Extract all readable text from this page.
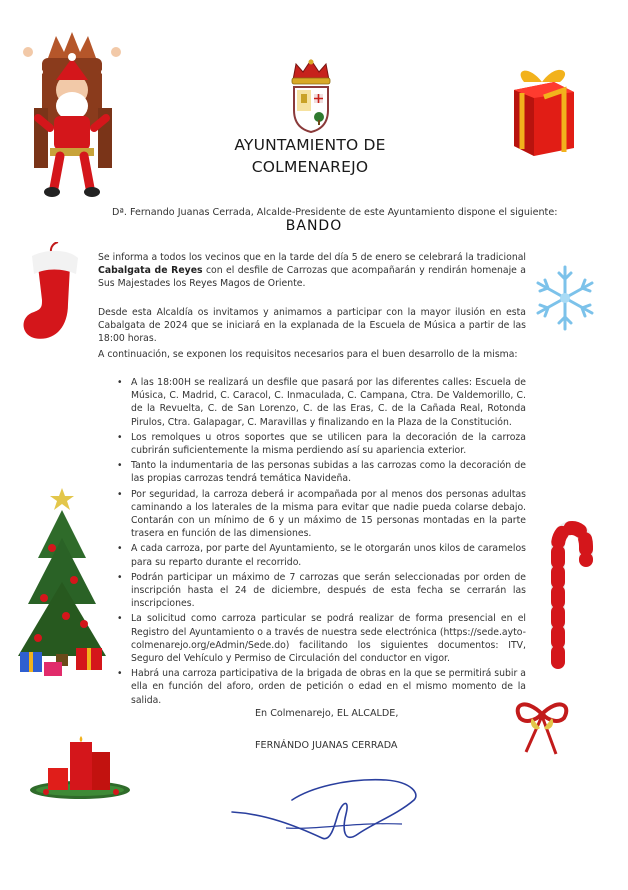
AYUNTAMIENTO DE
COLMENAREJO
Dª. Fernando Juanas Cerrada, Alcalde-Presidente de este Ayuntamiento dispone el siguiente:
BANDO

Se informa a todos los vecinos que en la tarde del día 5 de enero se celebrará la tradicional Cabalgata de Reyes con el desfile de Carrozas que acompañarán y rendirán homenaje a Sus Majestades los Reyes Magos de Oriente.

Desde esta Alcaldía os invitamos y animamos a participar con la mayor ilusión en esta Cabalgata de 2024 que se iniciará en la explanada de la Escuela de Música a partir de las 18:00 horas.

A continuación, se exponen los requisitos necesarios para el buen desarrollo de la misma:

• A las 18:00H se realizará un desfile que pasará por las diferentes calles: Escuela de Música, C. Madrid, C. Caracol, C. Inmaculada, C. Campana, Ctra. De Valdemorillo, C. de la Revuelta, C. de San Lorenzo, C. de las Eras, C. de la Cañada Real, Rotonda Pirulos, Ctra. Galapagar, C. Maravillas y finalizando en la Plaza de la Constitución.
• Los remolques u otros soportes que se utilicen para la decoración de la carroza cubrirán suficientemente la misma perdiendo así su apariencia exterior.
• Tanto la indumentaria de las personas subidas a las carrozas como la decoración de las propias carrozas tendrá temática Navideña.
• Por seguridad, la carroza deberá ir acompañada por al menos dos personas adultas caminando a los laterales de la misma para evitar que nadie pueda colarse debajo. Contarán con un mínimo de 6 y un máximo de 15 personas montadas en la parte trasera en función de las dimensiones.
• A cada carroza, por parte del Ayuntamiento, se le otorgarán unos kilos de caramelos para su reparto durante el recorrido.
• Podrán participar un máximo de 7 carrozas que serán seleccionadas por orden de inscripción hasta el 24 de diciembre, después de esta fecha se cerrarán las inscripciones.
• La solicitud como carroza particular se podrá realizar de forma presencial en el Registro del Ayuntamiento o a través de nuestra sede electrónica (https://sede.ayto-colmenarejo.org/eAdmin/Sede.do) facilitando los siguientes documentos: ITV, Seguro del Vehículo y Permiso de Circulación del conductor en vigor.
• Habrá una carroza participativa de la brigada de obras en la que se permitirá subir a ella en función del aforo, orden de petición o edad en el mismo momento de la salida.
En Colmenarejo, EL ALCALDE,
FERNÁNDO JUANAS CERRADA
